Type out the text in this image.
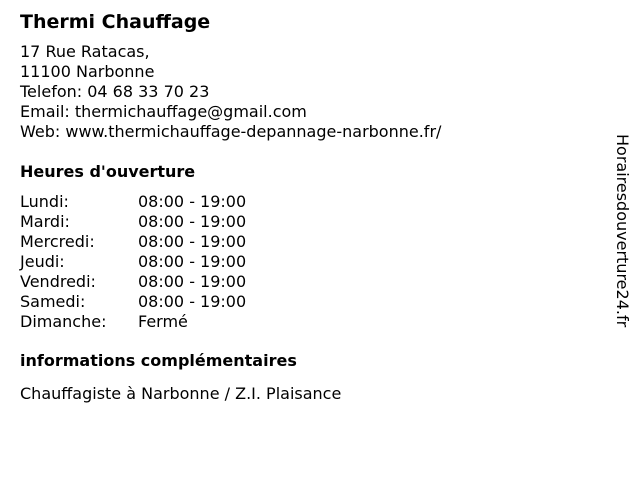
Thermi Chauffage
17 Rue Ratacas,
11100 Narbonne
Telefon: 04 68 33 70 23
Email: thermichauffage@gmail.com
Web: www.thermichauffage-depannage-narbonne.fr/
Heures d'ouverture
Lundi:	08:00 - 19:00
Mardi:	08:00 - 19:00
Mercredi:	08:00 - 19:00
Jeudi:	08:00 - 19:00
Vendredi:	08:00 - 19:00
Samedi:	08:00 - 19:00
Dimanche:	Fermé
informations complémentaires
Chauffagiste à Narbonne / Z.I. Plaisance
Horairesdouverture24.fr
